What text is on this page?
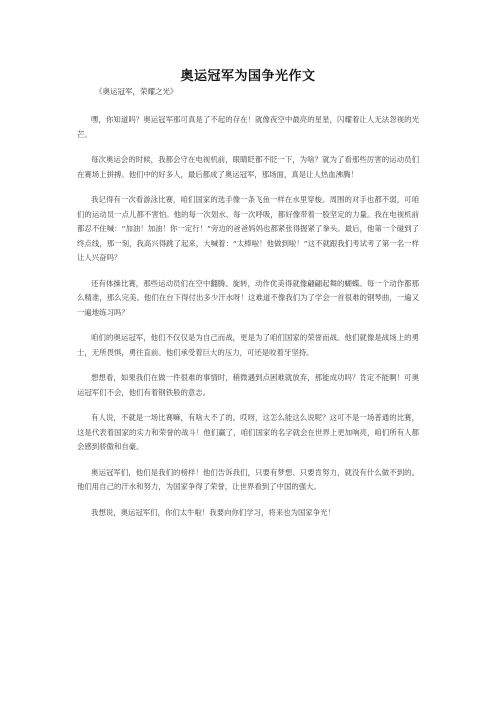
奥运冠军为国争光作文
《奥运冠军，荣耀之光》

嘿，你知道吗？奥运冠军那可真是了不起的存在！就像夜空中最亮的星星，闪耀着让人无法忽视的光芒。

每次奥运会的时候，我都会守在电视机前，眼睛眨都不眨一下，为啥？就为了看那些厉害的运动员们在赛场上拼搏。他们中的好多人，最后都成了奥运冠军，那场面，真是让人热血沸腾！

我记得有一次看游泳比赛，咱们国家的选手像一条飞鱼一样在水里穿梭。周围的对手也都不弱，可咱们的运动员一点儿都不害怕。他的每一次划水、每一次呼吸，都好像带着一股坚定的力量。我在电视机前都忍不住喊：“加油！加油！你一定行！”旁边的爸爸妈妈也都紧张得握紧了拳头。最后，他第一个碰到了终点线，那一刻，我高兴得跳了起来，大喊着：“太棒啦！他做到啦！”这不就跟我们考试考了第一名一样让人兴奋吗？

还有体操比赛，那些运动员们在空中翻腾、旋转，动作优美得就像翩翩起舞的蝴蝶。每一个动作都那么精准，那么完美。他们在台下得付出多少汗水呀！这难道不像我们为了学会一首很难的钢琴曲，一遍又一遍地练习吗？

咱们的奥运冠军，他们不仅仅是为自己而战，更是为了咱们国家的荣誉而战。他们就像是战场上的勇士，无所畏惧，勇往直前。他们承受着巨大的压力，可还是咬着牙坚持。

想想看，如果我们在做一件很难的事情时，稍微遇到点困难就放弃，那能成功吗？肯定不能啊！可奥运冠军们不会，他们有着钢铁般的意志。

有人说，不就是一场比赛嘛，有啥大不了的。哎呀，这怎么能这么说呢？这可不是一场普通的比赛，这是代表着国家的实力和荣誉的战斗！他们赢了，咱们国家的名字就会在世界上更加响亮，咱们所有人都会感到骄傲和自豪。

奥运冠军们，他们是我们的榜样！他们告诉我们，只要有梦想、只要肯努力，就没有什么做不到的。他们用自己的汗水和努力，为国家争得了荣誉，让世界看到了中国的强大。

我想说，奥运冠军们，你们太牛啦！我要向你们学习，将来也为国家争光！
